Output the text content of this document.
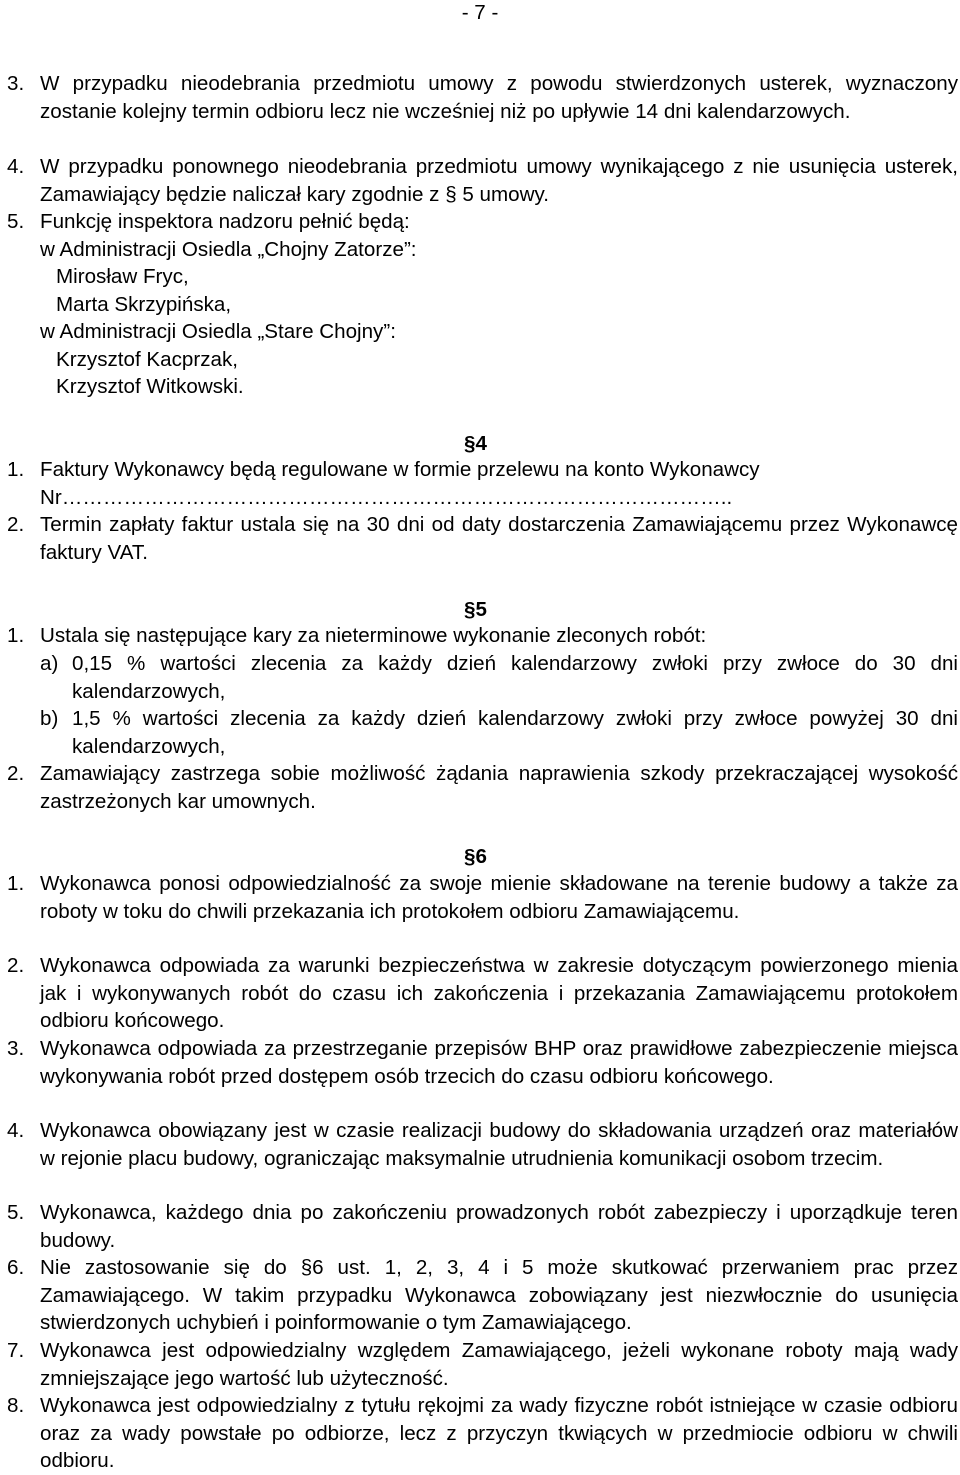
- 7 -
3. W przypadku nieodebrania przedmiotu umowy z powodu stwierdzonych usterek, wyznaczony zostanie kolejny termin odbioru lecz nie wcześniej niż po upływie 14 dni kalendarzowych.
4. W przypadku ponownego nieodebrania przedmiotu umowy wynikającego z nie usunięcia usterek, Zamawiający będzie naliczał kary zgodnie z § 5 umowy.
5. Funkcję inspektora nadzoru pełnić będą:
w Administracji Osiedla „Chojny Zatorze”:
Mirosław Fryc,
Marta Skrzypińska,
w Administracji Osiedla „Stare Chojny”:
Krzysztof Kacprzak,
Krzysztof Witkowski.
§4
1. Faktury Wykonawcy będą regulowane w formie przelewu na konto Wykonawcy
Nr……………………………………………………………………………………..
2. Termin zapłaty faktur ustala się na 30 dni od daty dostarczenia Zamawiającemu przez Wykonawcę faktury VAT.
§5
1. Ustala się następujące kary za nieterminowe wykonanie zleconych robót:
a) 0,15 % wartości zlecenia za każdy dzień kalendarzowy zwłoki przy zwłoce do 30 dni kalendarzowych,
b) 1,5 % wartości zlecenia za każdy dzień kalendarzowy zwłoki przy zwłoce powyżej 30 dni kalendarzowych,
2. Zamawiający zastrzega sobie możliwość żądania naprawienia szkody przekraczającej wysokość zastrzeżonych kar umownych.
§6
1. Wykonawca ponosi odpowiedzialność za swoje mienie składowane na terenie budowy a także za roboty w toku do chwili przekazania ich protokołem odbioru Zamawiającemu.
2. Wykonawca odpowiada za warunki bezpieczeństwa w zakresie dotyczącym powierzonego mienia jak i wykonywanych robót do czasu ich zakończenia i przekazania Zamawiającemu protokołem odbioru końcowego.
3. Wykonawca odpowiada za przestrzeganie przepisów BHP oraz prawidłowe zabezpieczenie miejsca wykonywania robót przed dostępem osób trzecich do czasu odbioru końcowego.
4. Wykonawca obowiązany jest w czasie realizacji budowy do składowania urządzeń oraz materiałów w rejonie placu budowy, ograniczając maksymalnie utrudnienia komunikacji osobom trzecim.
5. Wykonawca, każdego dnia po zakończeniu prowadzonych robót zabezpieczy i uporządkuje teren budowy.
6. Nie zastosowanie się do §6 ust. 1, 2, 3, 4 i 5 może skutkować przerwaniem prac przez Zamawiającego. W takim przypadku Wykonawca zobowiązany jest niezwłocznie do usunięcia stwierdzonych uchybień i poinformowanie o tym Zamawiającego.
7. Wykonawca jest odpowiedzialny względem Zamawiającego, jeżeli wykonane roboty mają wady zmniejszające jego wartość lub użyteczność.
8. Wykonawca jest odpowiedzialny z tytułu rękojmi za wady fizyczne robót istniejące w czasie odbioru oraz za wady powstałe po odbiorze, lecz z przyczyn tkwiących w przedmiocie odbioru w chwili odbioru.
